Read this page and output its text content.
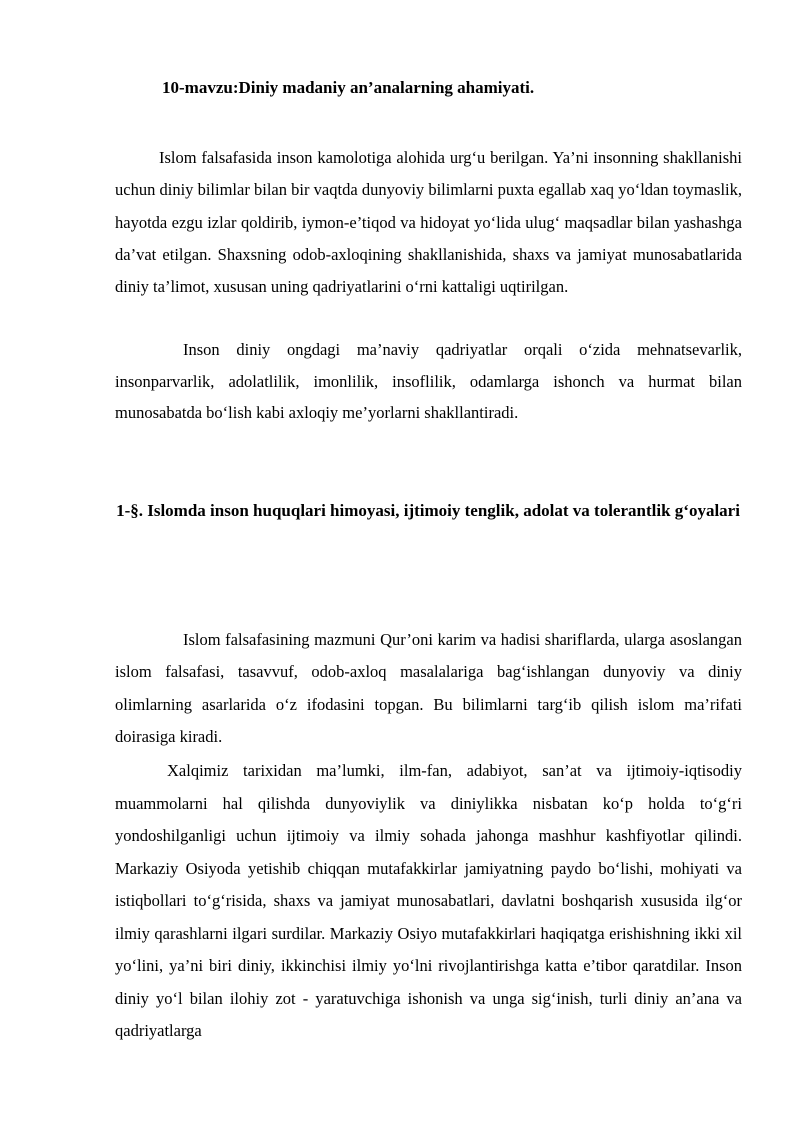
10-mavzu:Diniy madaniy an’analarning ahamiyati.

Islom falsafasida inson kamolotiga alohida urg‘u berilgan. Ya’ni insonning shakllanishi uchun diniy bilimlar bilan bir vaqtda dunyoviy bilimlarni puxta egallab xaq yo‘ldan toymaslik, hayotda ezgu izlar qoldirib, iymon-e’tiqod va hidoyat yo‘lida ulug‘ maqsadlar bilan yashashga da’vat etilgan. Shaxsning odob-axloqining shakllanishida, shaxs va jamiyat munosabatlarida diniy ta’limot, xususan uning qadriyatlarini o‘rni kattaligi uqtirilgan.

Inson diniy ongdagi ma’naviy qadriyatlar orqali o‘zida mehnatsevarlik, insonparvarlik, adolatlilik, imonlilik, insoflilik, odamlarga ishonch va hurmat bilan munosabatda bo‘lish kabi axloqiy me’yorlarni shakllantiradi.

1-§. Islomda inson huquqlari himoyasi, ijtimoiy tenglik, adolat va tolerantlik g‘oyalari

Islom falsafasining mazmuni Qur’oni karim va hadisi shariflarda, ularga asoslangan islom falsafasi, tasavvuf, odob-axloq masalalariga bag‘ishlangan dunyoviy va diniy olimlarning asarlarida o‘z ifodasini topgan. Bu bilimlarni targ‘ib qilish islom ma’rifati doirasiga kiradi.

Xalqimiz tarixidan ma’lumki, ilm-fan, adabiyot, san’at va ijtimoiy-iqtisodiy muammolarni hal qilishda dunyoviylik va diniylikka nisbatan ko‘p holda to‘g‘ri yondoshilganligi uchun ijtimoiy va ilmiy sohada jahonga mashhur kashfiyotlar qilindi. Markaziy Osiyoda yetishib chiqqan mutafakkirlar jamiyatning paydo bo‘lishi, mohiyati va istiqbollari to‘g‘risida, shaxs va jamiyat munosabatlari, davlatni boshqarish xususida ilg‘or ilmiy qarashlarni ilgari surdilar. Markaziy Osiyo mutafakkirlari haqiqatga erishishning ikki xil yo‘lini, ya’ni biri diniy, ikkinchisi ilmiy yo‘lni rivojlantirishga katta e’tibor qaratdilar. Inson diniy yo‘l bilan ilohiy zot - yaratuvchiga ishonish va unga sig‘inish, turli diniy an’ana va qadriyatlarga
